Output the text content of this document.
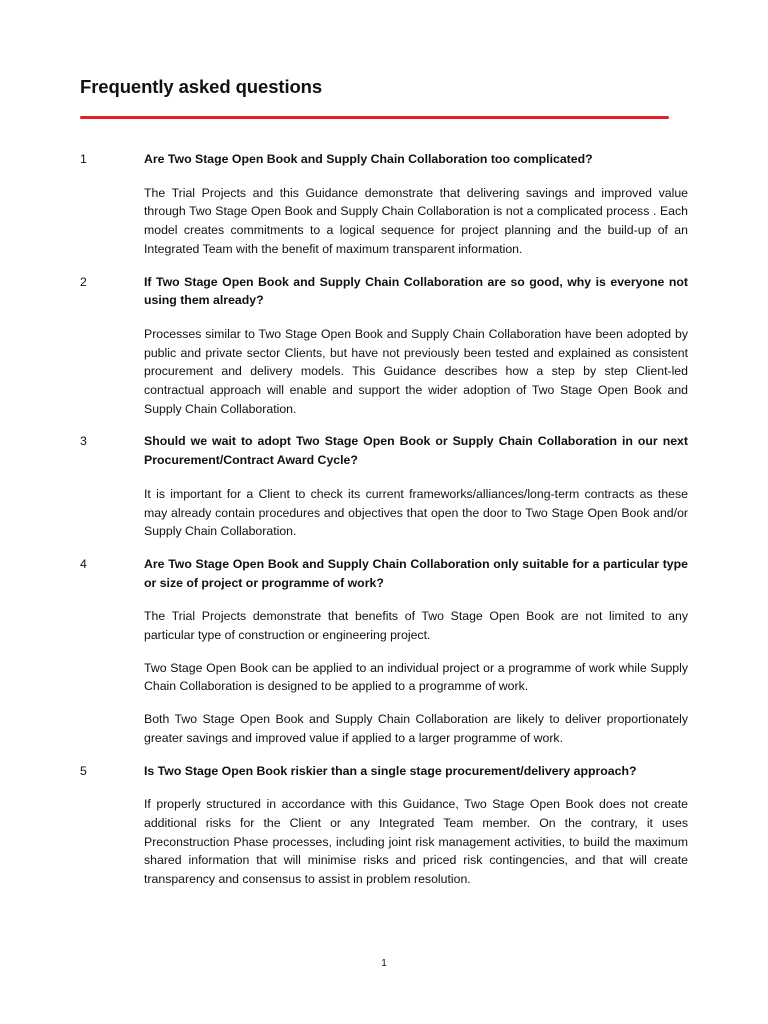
Frequently asked questions
1	Are Two Stage Open Book and Supply Chain Collaboration too complicated?

The Trial Projects and this Guidance demonstrate that delivering savings and improved value through Two Stage Open Book and Supply Chain Collaboration is not a complicated process . Each model creates commitments to a logical sequence for project planning and the build-up of an Integrated Team with the benefit of maximum transparent information.

2	If Two Stage Open Book and Supply Chain Collaboration are so good, why is everyone not using them already?

Processes similar to Two Stage Open Book and Supply Chain Collaboration have been adopted by public and private sector Clients, but have not previously been tested and explained as consistent procurement and delivery models. This Guidance describes how a step by step Client-led contractual approach will enable and support the wider adoption of Two Stage Open Book and Supply Chain Collaboration.

3	Should we wait to adopt Two Stage Open Book or Supply Chain Collaboration in our next Procurement/Contract Award Cycle?

It is important for a Client to check its current frameworks/alliances/long-term contracts as these may already contain procedures and objectives that open the door to Two Stage Open Book and/or Supply Chain Collaboration.

4	Are Two Stage Open Book and Supply Chain Collaboration only suitable for a particular type or size of project or programme of work?

The Trial Projects demonstrate that benefits of Two Stage Open Book are not limited to any particular type of construction or engineering project.

Two Stage Open Book can be applied to an individual project or a programme of work while Supply Chain Collaboration is designed to be applied to a programme of work.

Both Two Stage Open Book and Supply Chain Collaboration are likely to deliver proportionately greater savings and improved value if applied to a larger programme of work.

5	Is Two Stage Open Book riskier than a single stage procurement/delivery approach?

If properly structured in accordance with this Guidance, Two Stage Open Book does not create additional risks for the Client or any Integrated Team member. On the contrary, it uses Preconstruction Phase processes, including joint risk management activities, to build the maximum shared information that will minimise risks and priced risk contingencies, and that will create transparency and consensus to assist in problem resolution.

1
